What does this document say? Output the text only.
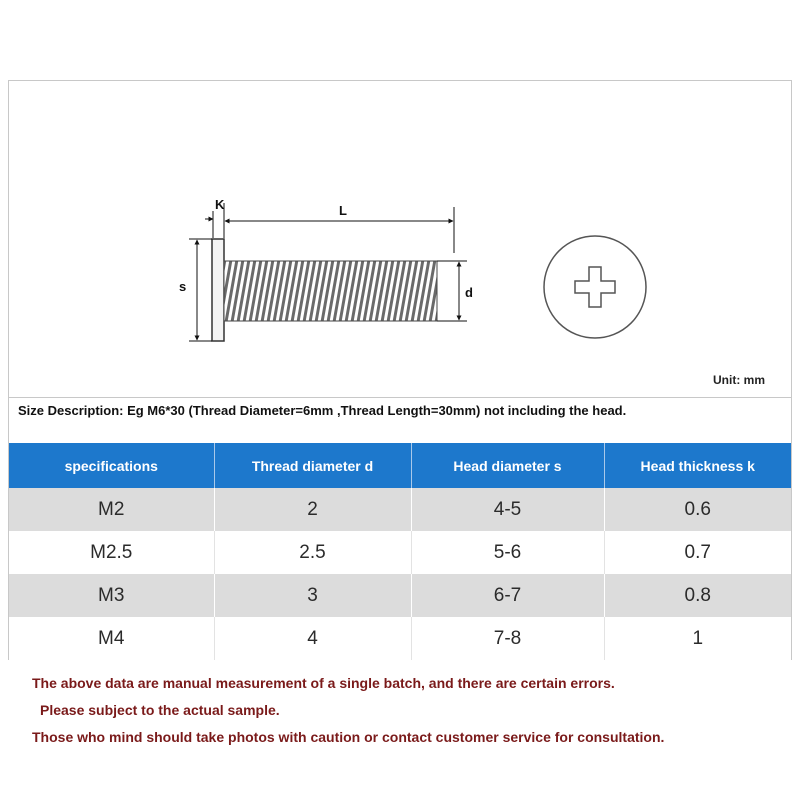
K	L
s	d
Unit: mm
Size Description: Eg M6*30 (Thread Diameter=6mm ,Thread Length=30mm) not including the head.
specifications	Thread diameter d	Head diameter s	Head thickness k
M2	2	4-5	0.6
M2.5	2.5	5-6	0.7
M3	3	6-7	0.8
M4	4	7-8	1
The above data are manual measurement of a single batch, and there are certain errors.
Please subject to the actual sample.
Those who mind should take photos with caution or contact customer service for consultation.
